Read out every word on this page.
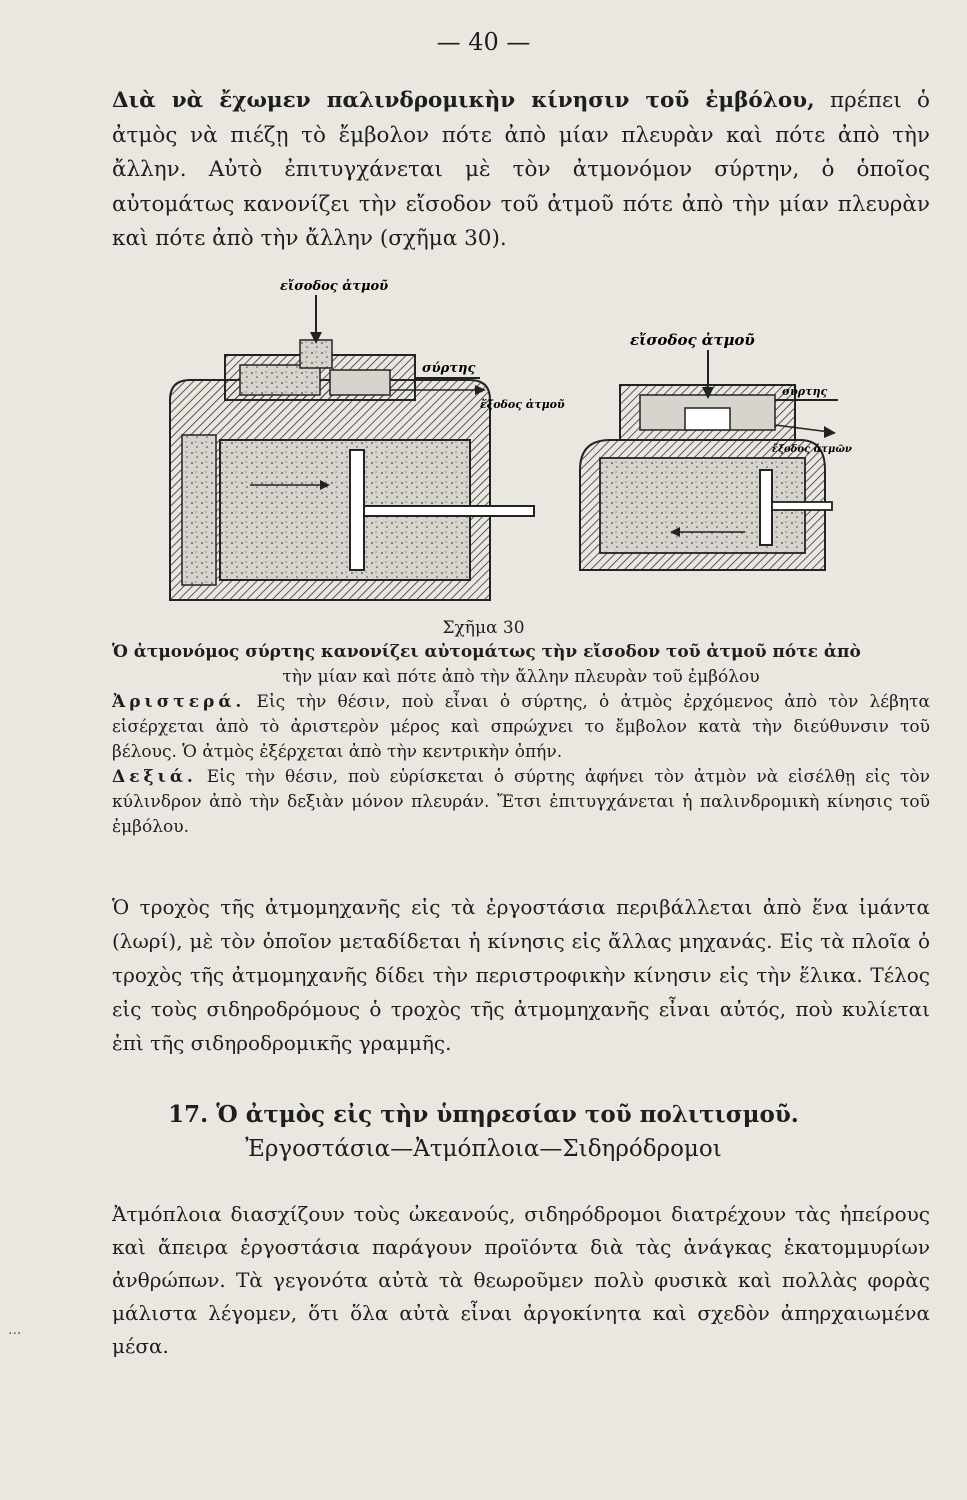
— 40 —

Διὰ νὰ ἔχωμεν παλινδρομικὴν κίνησιν τοῦ ἐμβόλου, πρέπει ὁ ἀτμὸς νὰ πιέζῃ τὸ ἔμβολον πότε ἀπὸ μίαν πλευρὰν καὶ πότε ἀπὸ τὴν ἄλλην. Αὐτὸ ἐπιτυγχάνεται μὲ τὸν ἀτμονόμον σύρτην, ὁ ὁποῖος αὐτομάτως κανονίζει τὴν εἴσοδον τοῦ ἀτμοῦ πότε ἀπὸ τὴν μίαν πλευρὰν καὶ πότε ἀπὸ τὴν ἄλλην (σχῆμα 30).

εἴσοδος ἀτμοῦ
σύρτης
ἔξοδος ἀτμοῦ
εἴσοδος ἀτμοῦ
σύρτης
ἔξοδος ἀτμῶν
Σχῆμα 30

Ὁ ἀτμονόμος σύρτης κανονίζει αὐτομάτως τὴν εἴσοδον τοῦ ἀτμοῦ πότε ἀπὸ

τὴν μίαν καὶ πότε ἀπὸ τὴν ἄλλην πλευρὰν τοῦ ἐμβόλου

Ἀριστερά. Εἰς τὴν θέσιν, ποὺ εἶναι ὁ σύρτης, ὁ ἀτμὸς ἐρχόμενος ἀπὸ τὸν λέβητα εἰσέρχεται ἀπὸ τὸ ἀριστερὸν μέρος καὶ σπρώχνει το ἔμβολον κατὰ τὴν διεύθυνσιν τοῦ βέλους. Ὁ ἀτμὸς ἐξέρχεται ἀπὸ τὴν κεντρικὴν ὀπήν.

Δεξιά. Εἰς τὴν θέσιν, ποὺ εὑρίσκεται ὁ σύρτης ἀφήνει τὸν ἀτμὸν νὰ εἰσέλθῃ εἰς τὸν κύλινδρον ἀπὸ τὴν δεξιὰν μόνον πλευράν. Ἔτσι ἐπιτυγχάνεται ἡ παλινδρομικὴ κίνησις τοῦ ἐμβόλου.

Ὁ τροχὸς τῆς ἀτμομηχανῆς εἰς τὰ ἐργοστάσια περιβάλλεται ἀπὸ ἕνα ἱμάντα (λωρί), μὲ τὸν ὁποῖον μεταδίδεται ἡ κίνησις εἰς ἄλλας μηχανάς. Εἰς τὰ πλοῖα ὁ τροχὸς τῆς ἀτμομηχανῆς δίδει τὴν περιστροφικὴν κίνησιν εἰς τὴν ἕλικα. Τέλος εἰς τοὺς σιδηροδρόμους ὁ τροχὸς τῆς ἀτμομηχανῆς εἶναι αὐτός, ποὺ κυλίεται ἐπὶ τῆς σιδηροδρομικῆς γραμμῆς.

17. Ὁ ἀτμὸς εἰς τὴν ὑπηρεσίαν τοῦ πολιτισμοῦ.
Ἐργοστάσια—Ἀτμόπλοια—Σιδηρόδρομοι

Ἀτμόπλοια διασχίζουν τοὺς ὠκεανούς, σιδηρόδρομοι διατρέχουν τὰς ἠπείρους καὶ ἄπειρα ἐργοστάσια παράγουν προϊόντα διὰ τὰς ἀνάγκας ἑκατομμυρίων ἀνθρώπων. Τὰ γεγονότα αὐτὰ τὰ θεωροῦμεν πολὺ φυσικὰ καὶ πολλὰς φορὰς μάλιστα λέγομεν, ὅτι ὅλα αὐτὰ εἶναι ἀργοκίνητα καὶ σχεδὸν ἀπηρχαιωμένα μέσα.

...
